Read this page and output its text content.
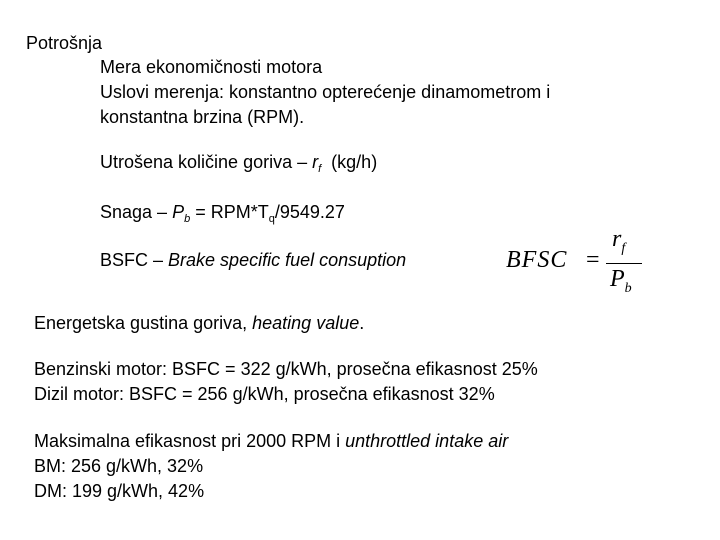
Potrošnja
Mera ekonomičnosti motora
Uslovi merenja: konstantno opterećenje dinamometrom i
konstantna brzina (RPM).
Utrošena količine goriva – $r_f$  (kg/h)
Snaga – $P_b = RPM*T_q/9549.27$
BSFC – Brake specific fuel consuption	BFSC =
$r_f$
$P_b$
Energetska gustina goriva, heating value.
Benzinski motor: BSFC = 322 g/kWh, prosečna efikasnost 25%
Dizil motor: BSFC = 256 g/kWh, prosečna efikasnost 32%
Maksimalna efikasnost pri 2000 RPM i unthrottled intake air
BM: 256 g/kWh, 32%
DM: 199 g/kWh, 42%
